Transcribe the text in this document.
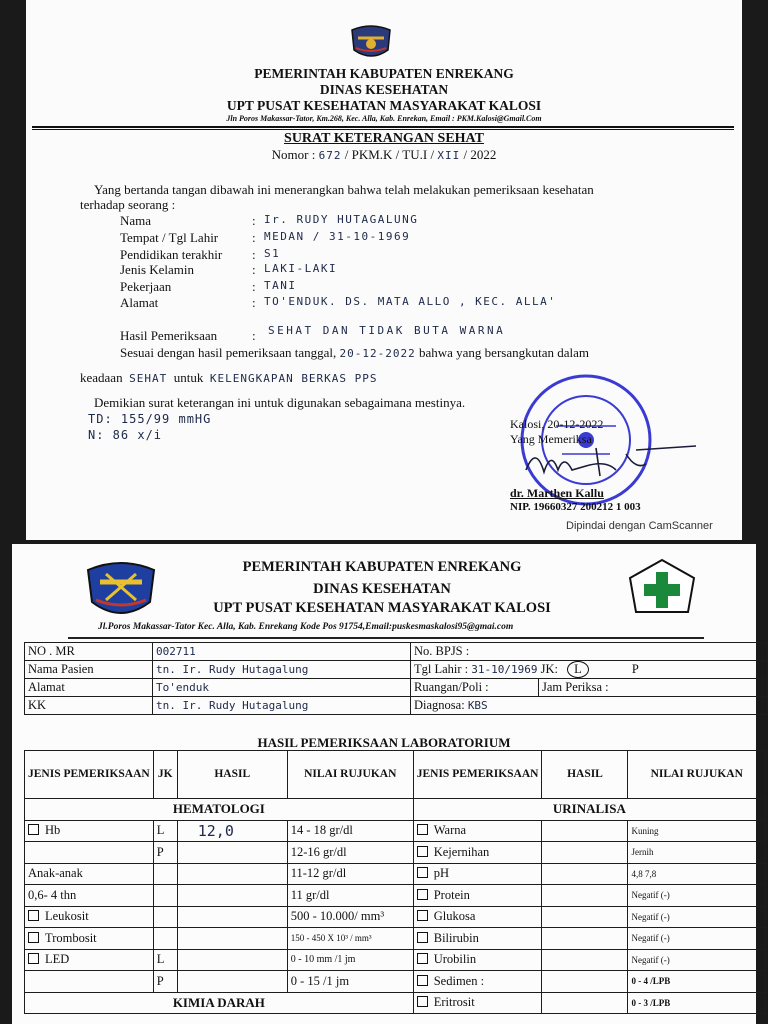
PEMERINTAH KABUPATEN ENREKANG
DINAS KESEHATAN
UPT PUSAT KESEHATAN MASYARAKAT KALOSI
Jln Poros Makassar-Tator, Km.268, Kec. Alla, Kab. Enrekan, Email : PKM.Kalosi@Gmail.Com
SURAT KETERANGAN SEHAT
Nomor : 672 / PKM.K / TU.I / XII / 2022
Yang bertanda tangan dibawah ini menerangkan bahwa telah melakukan pemeriksaan kesehatan
terhadap seorang :
Nama	: Ir. RUDY HUTAGALUNG
Tempat / Tgl Lahir	: MEDAN / 31-10-1969
Pendidikan terakhir : S1
Jenis Kelamin	: LAKI-LAKI
Pekerjaan	: TANI
Alamat	: TO'ENDUK. DS. MATA ALLO , KEC. ALLA'
Hasil Pemeriksaan	: SEHAT DAN TIDAK BUTA WARNA
Sesuai dengan hasil pemeriksaan tanggal, 20-12-2022 bahwa yang bersangkutan dalam
keadaan SEHAT untuk KELENGKAPAN BERKAS PPS
Demikian surat keterangan ini untuk digunakan sebagaimana mestinya.
TD: 155/99 mmHG
N: 86 x/i
Kalosi, 20-12-2022
Yang Memeriksa
dr. Marthen Kallu
NIP. 19660327 200212 1 003
Dipindai dengan CamScanner
PEMERINTAH KABUPATEN ENREKANG
DINAS KESEHATAN
UPT PUSAT KESEHATAN MASYARAKAT KALOSI
Jl.Poros Makassar-Tator Kec. Alla, Kab. Enrekang Kode Pos 91754,Email:puskesmaskalosi95@gmai.com
NO . MR	002711	No. BPJS :	
Nama Pasien	tn. Ir. Rudy Hutagalung	Tgl Lahir : 31-10/1969 JK: L P	
Alamat	To'enduk	Ruangan/Poli :	Jam Periksa :
KK	tn. Ir. Rudy Hutagalung	Diagnosa: KBS	
HASIL PEMERIKSAAN LABORATORIUM
JENIS PEMERIKSAAN	JK	HASIL	NILAI RUJUKAN	JENIS PEMERIKSAAN	HASIL	NILAI RUJUKAN
HEMATOLOGI				URINALISA		
Hb	L	12,0	14 - 18 gr/dl	Warna		Kuning
	P		12-16 gr/dl	Kejernihan		Jernih
Anak-anak			11-12 gr/dl	pH		4,8 7,8
0,6- 4 thn			11 gr/dl	Protein		Negatif (-)
Leukosit			500 - 10.000/ mm³	Glukosa		Negatif (-)
Trombosit			150 - 450 X 10³ / mm³	Bilirubin		Negatif (-)
LED	L		0 - 10 mm /1 jm	Urobilin		Negatif (-)
	P		0 - 15 /1 jm	Sedimen :		0 - 4 /LPB
KIMIA DARAH				Eritrosit		0 - 3 /LPB
